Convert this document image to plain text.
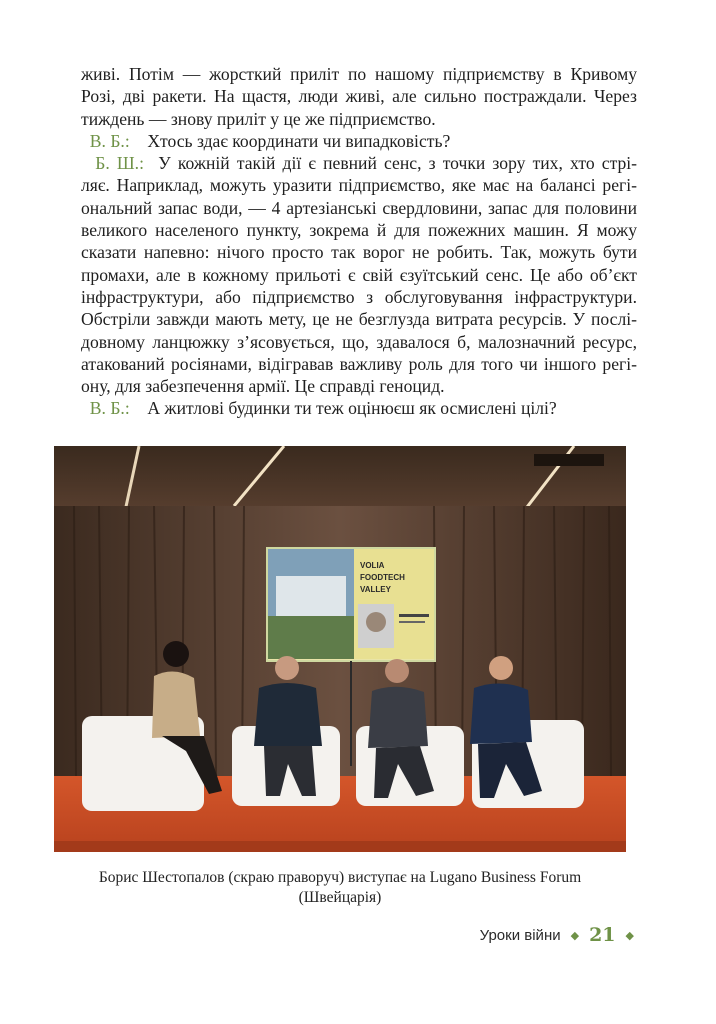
живі. Потім — жорсткий приліт по нашому підприємству в Кривому
Розі, дві ракети. На щастя, люди живі, але сильно постраждали. Через
тиждень — знову приліт у це же підприємство.
В. Б.: Хтось здає координати чи випадковість?
Б. Ш.: У кожній такій дії є певний сенс, з точки зору тих, хто стрі-
ляє. Наприклад, можуть уразити підприємство, яке має на балансі регі-
ональний запас води, — 4 артезіанські свердловини, запас для половини
великого населеного пункту, зокрема й для пожежних машин. Я можу
сказати напевно: нічого просто так ворог не робить. Так, можуть бути
промахи, але в кожному прильоті є свій єзуїтський сенс. Це або об’єкт
інфраструктури, або підприємство з обслуговування інфраструктури.
Обстріли завжди мають мету, це не безглузда витрата ресурсів. У послі-
довному ланцюжку з’ясовується, що, здавалося б, малозначний ресурс,
атакований росіянами, відігравав важливу роль для того чи іншого регі-
ону, для забезпечення армії. Це справді геноцид.
В. Б.: А житлові будинки ти теж оцінюєш як осмислені цілі?
VOLIA
FOODTECH
VALLEY
Борис Шестопалов (скраю праворуч) виступає на Lugano Business Forum
(Швейцарія)
Уроки війни ◆ 21 ◆
